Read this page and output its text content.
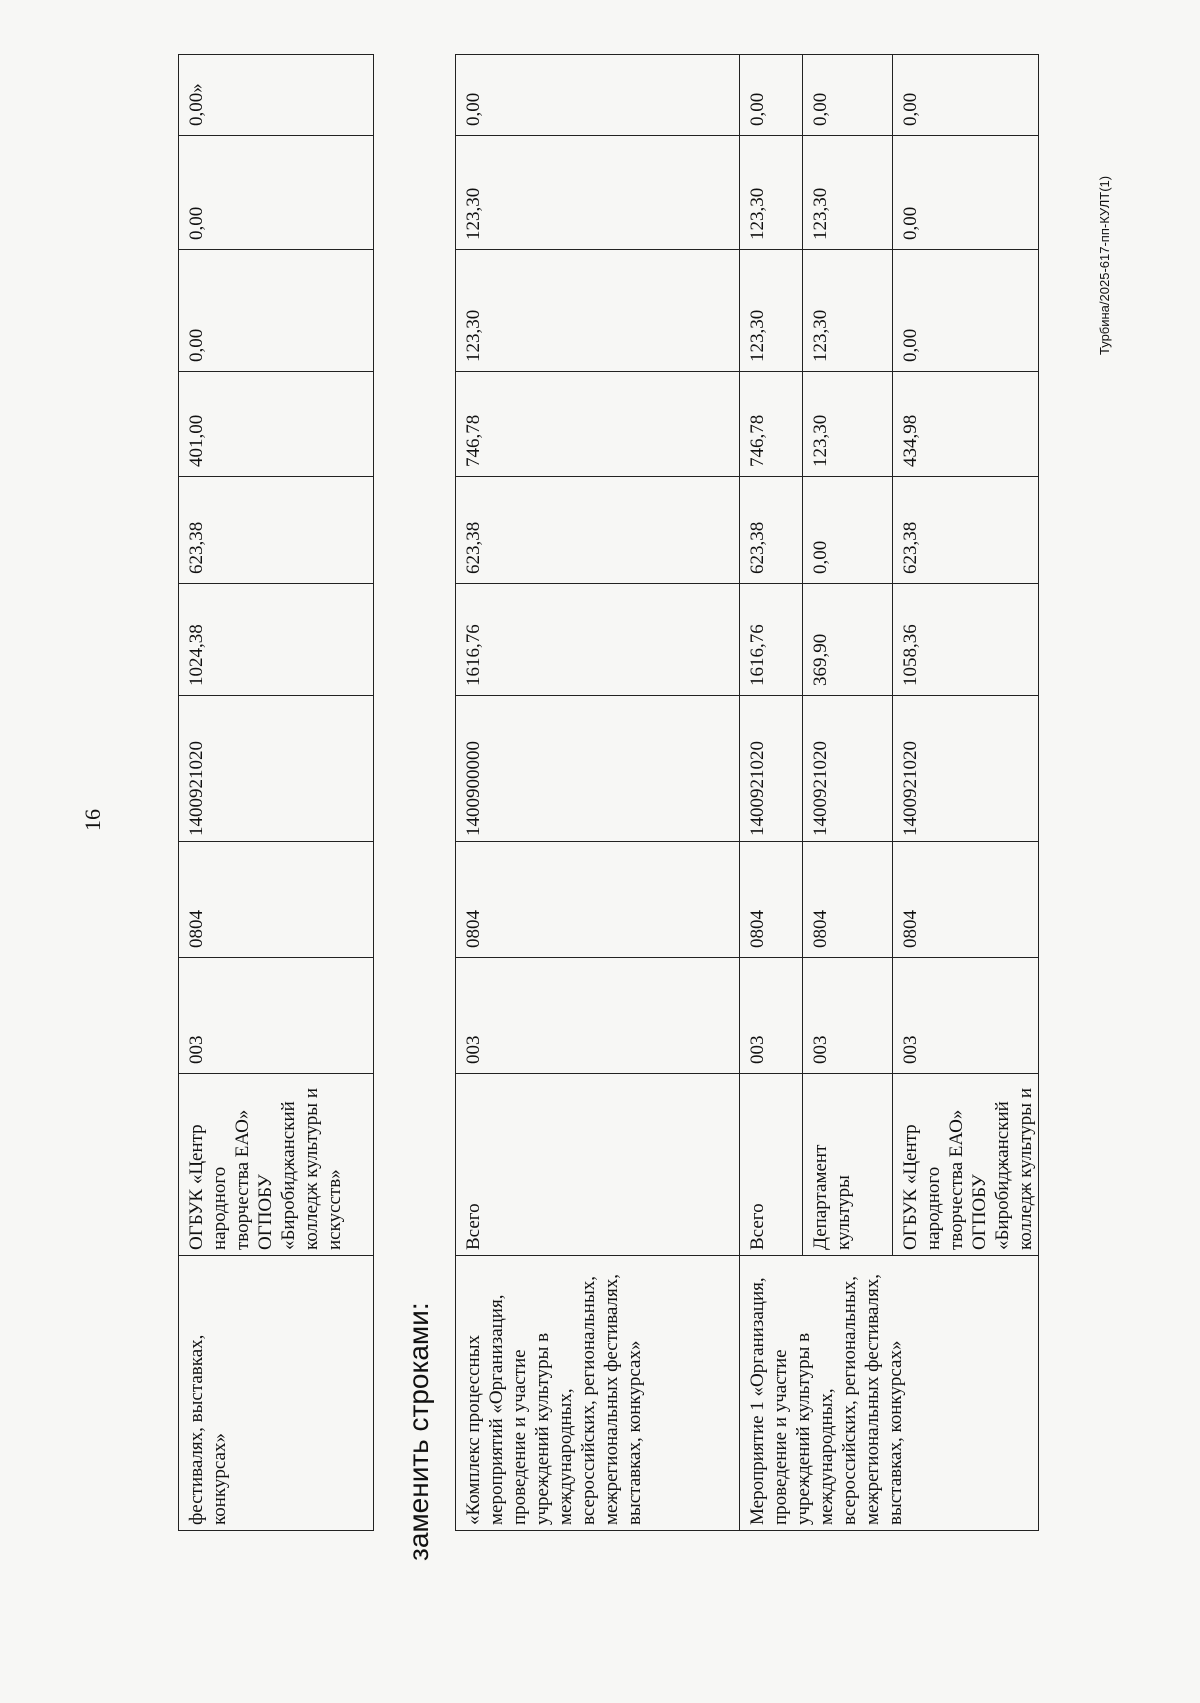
16
фестивалях, выставках, конкурсах»	ОГБУК «Центр народного творчества ЕАО» ОГПОБУ «Биробиджанский колледж культуры и искусств»	003	0804	1400921020	1024,38	623,38	401,00	0,00	0,00	0,00»
заменить строками: «Комплекс процессных мероприятий «Организация, проведение и участие учреждений культуры в международных, всероссийских, региональных, межрегиональных фестивалях, выставках, конкурсах»	Всего	003	0804	1400900000	1616,76	623,38	746,78	123,30	123,30	0,00
Мероприятие 1 «Организация, проведение и участие учреждений культуры в международных, всероссийских, региональных, межрегиональных фестивалях, выставках, конкурсах»	Всего	003	0804	1400921020	1616,76	623,38	746,78	123,30	123,30	0,00
	Департамент культуры	003	0804	1400921020	369,90	0,00	123,30	123,30	123,30	0,00
	ОГБУК «Центр народного творчества ЕАО» ОГПОБУ «Биробиджанский колледж культуры и	003	0804	1400921020	1058,36	623,38	434,98	0,00	0,00	0,00
Турбина/2025-617-пп-КУЛТ(1)
